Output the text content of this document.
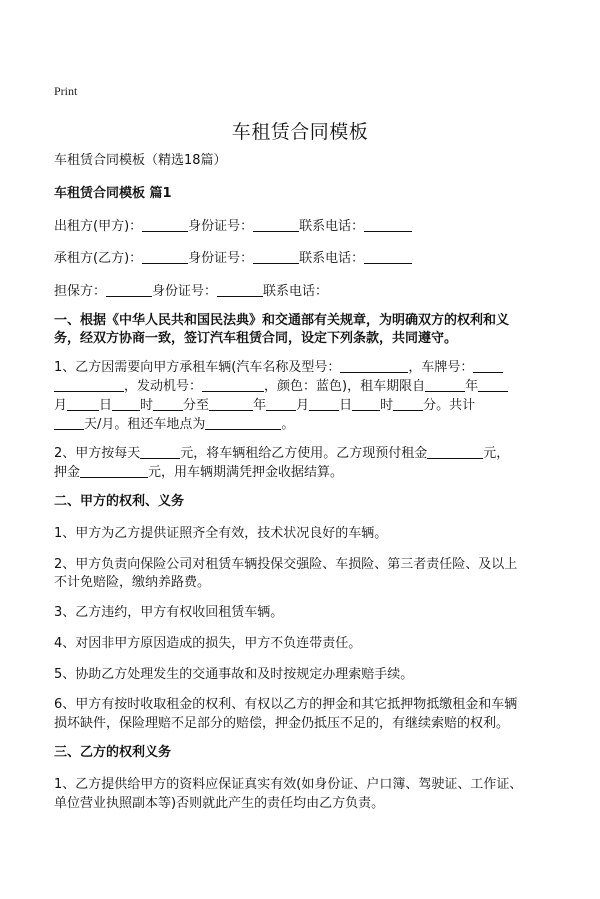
Print
车租赁合同模板
车租赁合同模板（精选18篇）
车租赁合同模板 篇1
出租方(甲方)：	身份证号：	联系电话：
承租方(乙方)：	身份证号：	联系电话：
担保方：	身份证号：	联系电话：
一、根据《中华人民共和国民法典》和交通部有关规章，为明确双方的权利和义
务，经双方协商一致，签订汽车租赁合同，设定下列条款，共同遵守。
1、乙方因需要向甲方承租车辆(汽车名称及型号：	，车牌号：
，发动机号：	，颜色：蓝色)，租车期限自	年
月 日 时 分至	年 月 日 时 分。共计
天/月。租还车地点为	。
2、甲方按每天	元，将车辆租给乙方使用。乙方现预付租金	元，
押金	元，用车辆期满凭押金收据结算。
二、甲方的权利、义务
1、甲方为乙方提供证照齐全有效，技术状况良好的车辆。
2、甲方负责向保险公司对租赁车辆投保交强险、车损险、第三者责任险、及以上
不计免赔险，缴纳养路费。
3、乙方违约，甲方有权收回租赁车辆。
4、对因非甲方原因造成的损失，甲方不负连带责任。
5、协助乙方处理发生的交通事故和及时按规定办理索赔手续。
6、甲方有按时收取租金的权利、有权以乙方的押金和其它抵押物抵缴租金和车辆
损坏缺件，保险理赔不足部分的赔偿，押金仍抵压不足的，有继续索赔的权利。
三、乙方的权利义务
1、乙方提供给甲方的资料应保证真实有效(如身份证、户口簿、驾驶证、工作证、
单位营业执照副本等)否则就此产生的责任均由乙方负责。
